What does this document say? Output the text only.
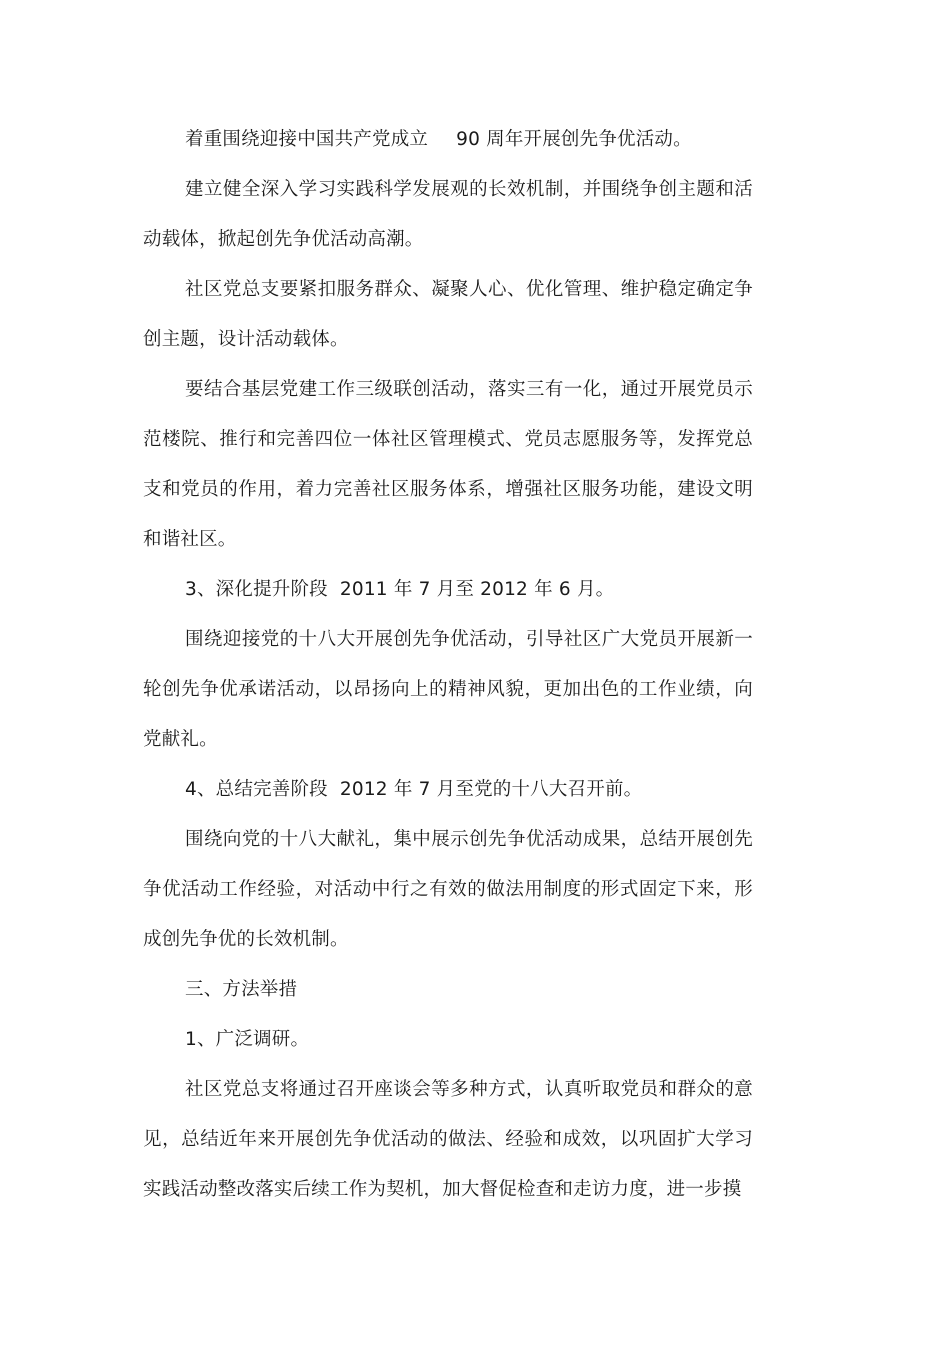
着重围绕迎接中国共产党成立 90 周年开展创先争优活动。

建立健全深入学习实践科学发展观的长效机制，并围绕争创主题和活动载体，掀起创先争优活动高潮。

社区党总支要紧扣服务群众、凝聚人心、优化管理、维护稳定确定争创主题，设计活动载体。

要结合基层党建工作三级联创活动，落实三有一化，通过开展党员示范楼院、推行和完善四位一体社区管理模式、党员志愿服务等，发挥党总支和党员的作用，着力完善社区服务体系，增强社区服务功能，建设文明和谐社区。

3、深化提升阶段 2011 年 7 月至 2012 年 6 月。

围绕迎接党的十八大开展创先争优活动，引导社区广大党员开展新一轮创先争优承诺活动，以昂扬向上的精神风貌，更加出色的工作业绩，向党献礼。

4、总结完善阶段 2012 年 7 月至党的十八大召开前。

围绕向党的十八大献礼，集中展示创先争优活动成果，总结开展创先争优活动工作经验，对活动中行之有效的做法用制度的形式固定下来，形成创先争优的长效机制。

三、方法举措

1、广泛调研。

社区党总支将通过召开座谈会等多种方式，认真听取党员和群众的意见，总结近年来开展创先争优活动的做法、经验和成效，以巩固扩大学习实践活动整改落实后续工作为契机，加大督促检查和走访力度，进一步摸
